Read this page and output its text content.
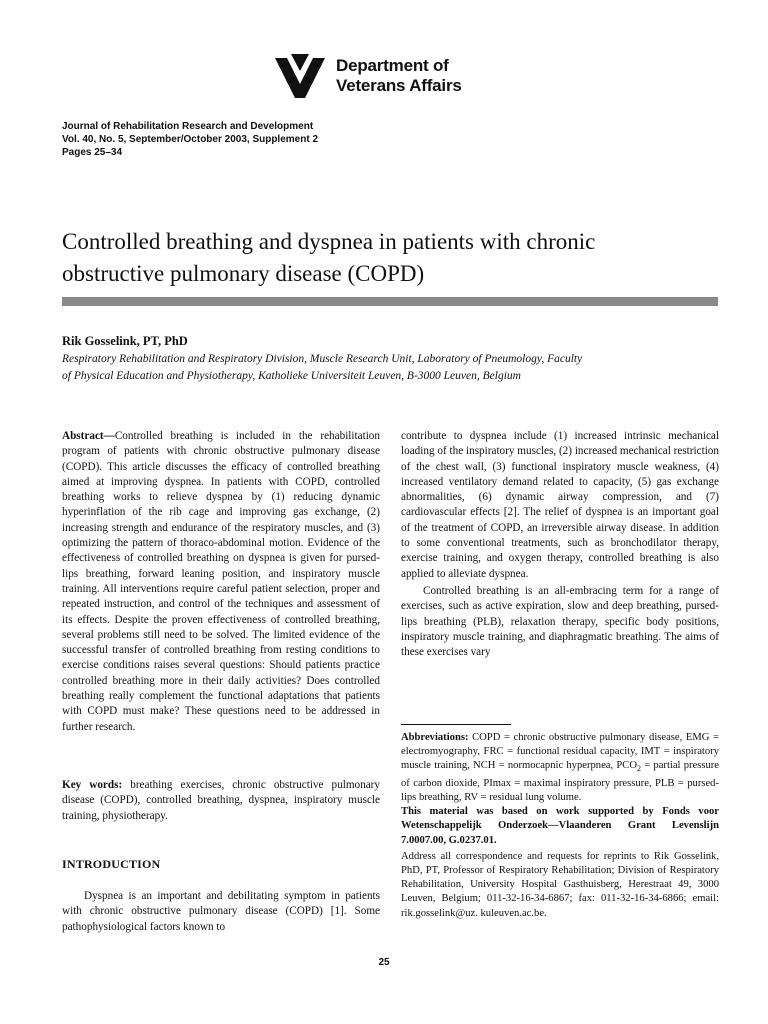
Department of
Veterans Affairs
Journal of Rehabilitation Research and Development
Vol. 40, No. 5, September/October 2003, Supplement 2
Pages 25–34
Controlled breathing and dyspnea in patients with chronic
obstructive pulmonary disease (COPD)
Rik Gosselink, PT, PhD
Respiratory Rehabilitation and Respiratory Division, Muscle Research Unit, Laboratory of Pneumology, Faculty
of Physical Education and Physiotherapy, Katholieke Universiteit Leuven, B-3000 Leuven, Belgium

Abstract—Controlled breathing is included in the rehabilitation program of patients with chronic obstructive pulmonary disease (COPD). This article discusses the efficacy of controlled breathing aimed at improving dyspnea. In patients with COPD, controlled breathing works to relieve dyspnea by (1) reducing dynamic hyperinflation of the rib cage and improving gas exchange, (2) increasing strength and endurance of the respiratory muscles, and (3) optimizing the pattern of thoraco-abdominal motion. Evidence of the effectiveness of controlled breathing on dyspnea is given for pursed-lips breathing, forward leaning position, and inspiratory muscle training. All interventions require careful patient selection, proper and repeated instruction, and control of the techniques and assessment of its effects. Despite the proven effectiveness of controlled breathing, several problems still need to be solved. The limited evidence of the successful transfer of controlled breathing from resting conditions to exercise conditions raises several questions: Should patients practice controlled breathing more in their daily activities? Does controlled breathing really complement the functional adaptations that patients with COPD must make? These questions need to be addressed in further research.

Key words: breathing exercises, chronic obstructive pulmonary disease (COPD), controlled breathing, dyspnea, inspiratory muscle training, physiotherapy.
INTRODUCTION
Dyspnea is an important and debilitating symptom in patients with chronic obstructive pulmonary disease (COPD) [1]. Some pathophysiological factors known to

contribute to dyspnea include (1) increased intrinsic mechanical loading of the inspiratory muscles, (2) increased mechanical restriction of the chest wall, (3) functional inspiratory muscle weakness, (4) increased ventilatory demand related to capacity, (5) gas exchange abnormalities, (6) dynamic airway compression, and (7) cardiovascular effects [2]. The relief of dyspnea is an important goal of the treatment of COPD, an irreversible airway disease. In addition to some conventional treatments, such as bronchodilator therapy, exercise training, and oxygen therapy, controlled breathing is also applied to alleviate dyspnea.

Controlled breathing is an all-embracing term for a range of exercises, such as active expiration, slow and deep breathing, pursed-lips breathing (PLB), relaxation therapy, specific body positions, inspiratory muscle training, and diaphragmatic breathing. The aims of these exercises vary

Abbreviations: COPD = chronic obstructive pulmonary disease, EMG = electromyography, FRC = functional residual capacity, IMT = inspiratory muscle training, NCH = normocapnic hyperpnea, $PCO_2$ = partial pressure of carbon dioxide, PImax = maximal inspiratory pressure, PLB = pursed-lips breathing, RV = residual lung volume.

This material was based on work supported by Fonds voor Wetenschappelijk Onderzoek—Vlaanderen Grant Levenslijn 7.0007.00, G.0237.01.

Address all correspondence and requests for reprints to Rik Gosselink, PhD, PT, Professor of Respiratory Rehabilitation; Division of Respiratory Rehabilitation, University Hospital Gasthuisberg, Herestraat 49, 3000 Leuven, Belgium; 011-32-16-34-6867; fax: 011-32-16-34-6866; email: rik.gosselink@uz. kuleuven.ac.be.

25
